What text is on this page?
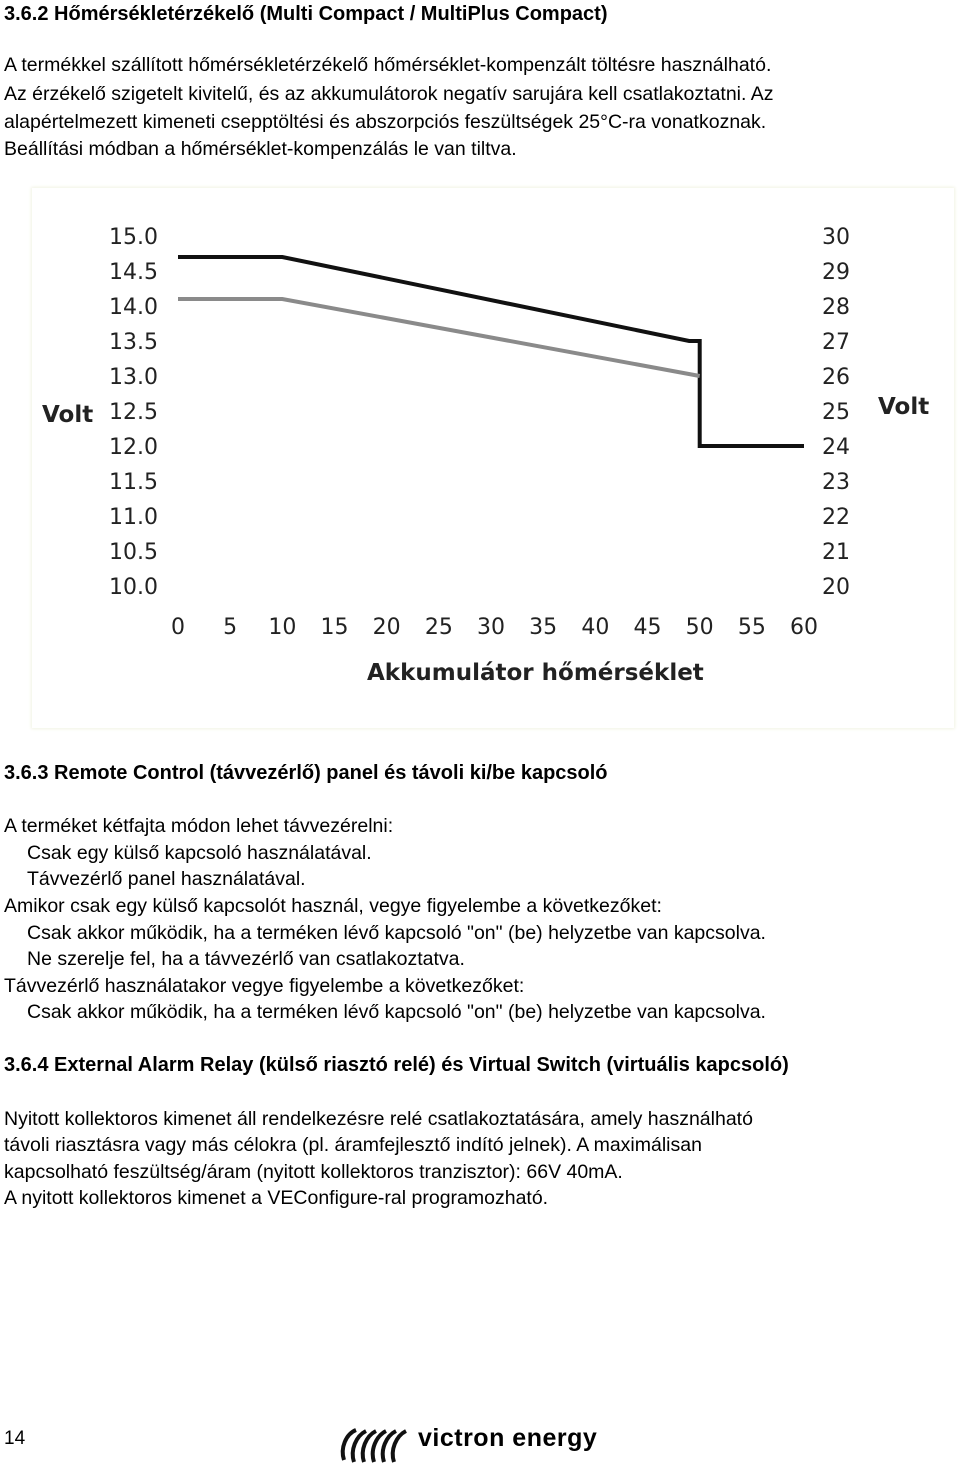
3.6.2 Hőmérsékletérzékelő (Multi Compact / MultiPlus Compact)
A termékkel szállított hőmérsékletérzékelő hőmérséklet-kompenzált töltésre használható.
Az érzékelő szigetelt kivitelű, és az akkumulátorok negatív sarujára kell csatlakoztatni. Az
alapértelmezett kimeneti csepptöltési és abszorpciós feszültségek 25°C-ra vonatkoznak.
Beállítási módban a hőmérséklet-kompenzálás le van tiltva.
15.0
14.5
14.0
13.5
13.0
12.5
12.0
11.5
11.0
10.5
10.0
30
29
28
27
26
25
24
23
22
21
20
0 5 10 15 20 25 30 35 40 45 50 55 60
Volt	Volt
Akkumulátor hőmérséklet
3.6.3 Remote Control (távvezérlő) panel és távoli ki/be kapcsoló
A terméket kétfajta módon lehet távvezérelni:
Csak egy külső kapcsoló használatával.
Távvezérlő panel használatával.
Amikor csak egy külső kapcsolót használ, vegye figyelembe a következőket:
Csak akkor működik, ha a terméken lévő kapcsoló "on" (be) helyzetbe van kapcsolva.
Ne szerelje fel, ha a távvezérlő van csatlakoztatva.
Távvezérlő használatakor vegye figyelembe a következőket:
Csak akkor működik, ha a terméken lévő kapcsoló "on" (be) helyzetbe van kapcsolva.
3.6.4 External Alarm Relay (külső riasztó relé) és Virtual Switch (virtuális kapcsoló)
Nyitott kollektoros kimenet áll rendelkezésre relé csatlakoztatására, amely használható
távoli riasztásra vagy más célokra (pl. áramfejlesztő indító jelnek). A maximálisan
kapcsolható feszültség/áram (nyitott kollektoros tranzisztor): 66V 40mA.
A nyitott kollektoros kimenet a VEConfigure-ral programozható.
14	victron energy
